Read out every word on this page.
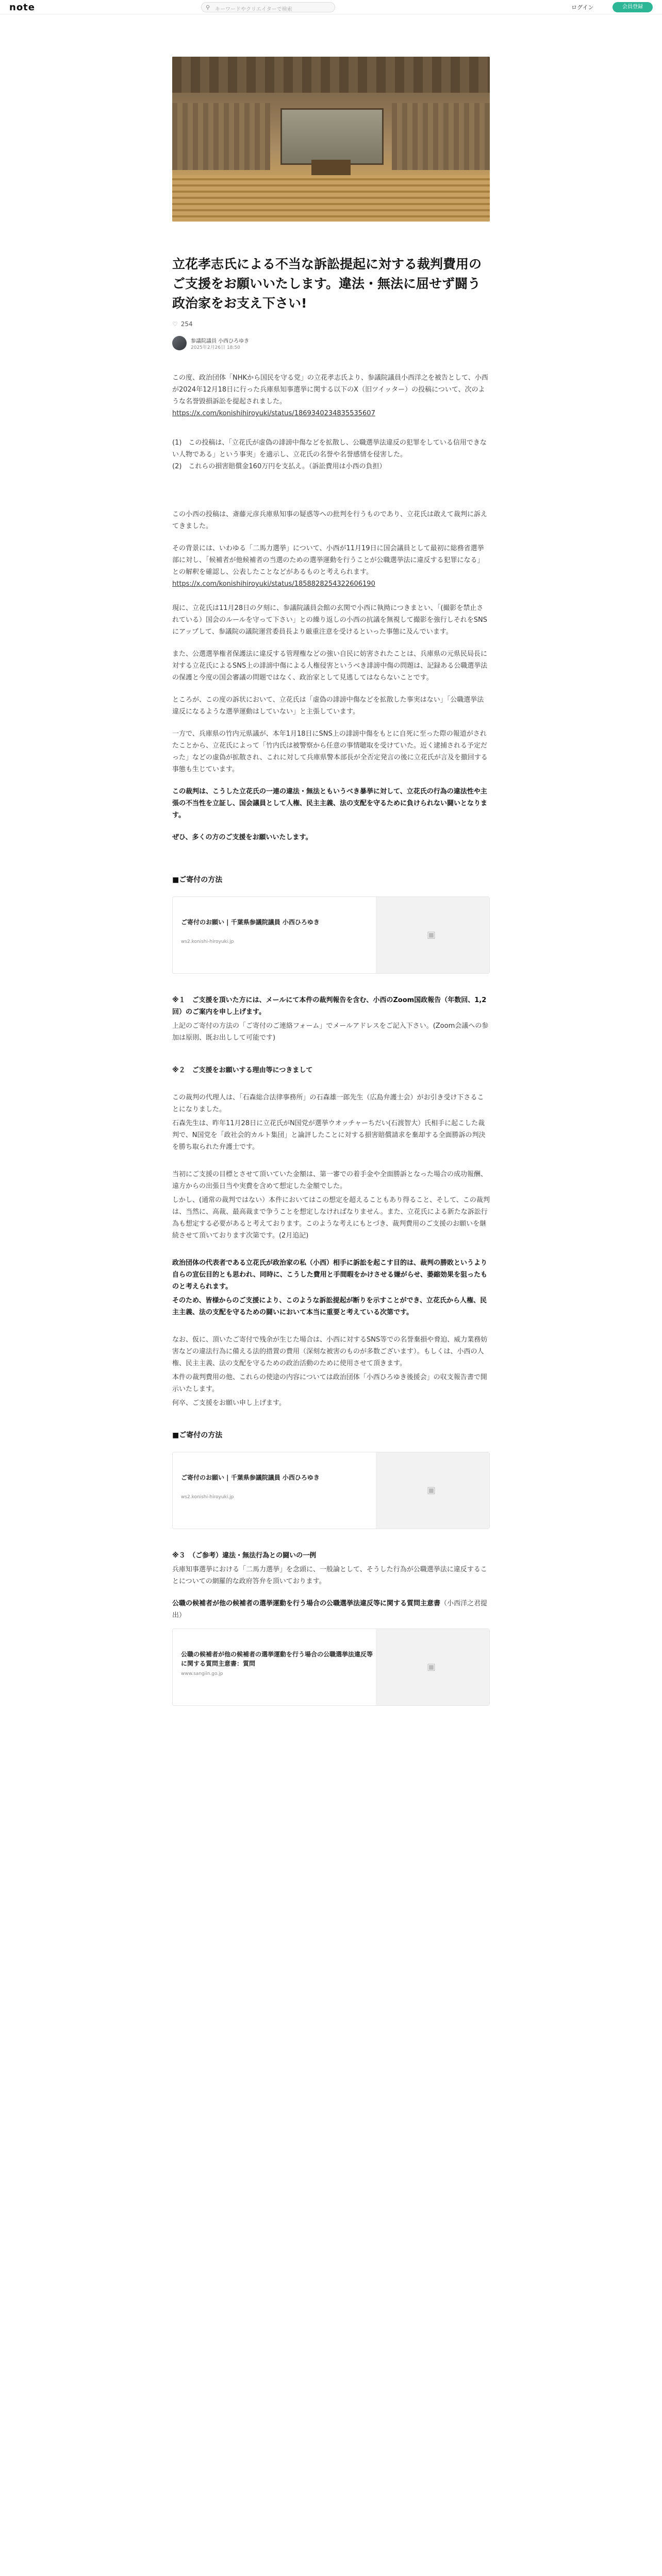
note	⚲ キーワードやクリエイターで検索	ログイン	会員登録
立花孝志氏による不当な訴訟提起に対する裁判費用のご支援をお願いいたします。違法・無法に屈せず闘う政治家をお支え下さい!
♡ 254
参議院議員 小西ひろゆき
2025年2月26日 18:50

この度、政治団体「NHKから国民を守る党」の立花孝志氏より、参議院議員小西洋之を被告として、小西が2024年12月18日に行った兵庫県知事選挙に関する以下のX（旧ツイッター）の投稿について、次のような名誉毀損訴訟を提起されました。

https://x.com/konishihiroyuki/status/1869340234835535607

(1)　この投稿は、「立花氏が虚偽の誹謗中傷などを拡散し、公職選挙法違反の犯罪をしている信用できない人物である」という事実」を適示し、立花氏の名誉や名誉感情を侵害した。
(2)　これらの損害賠償金160万円を支払え。（訴訟費用は小西の負担）

この小西の投稿は、斎藤元彦兵庫県知事の疑惑等への批判を行うものであり、立花氏は敢えて裁判に訴えてきました。

その背景には、いわゆる「二馬力選挙」について、小西が11月19日に国会議員として最初に総務省選挙部に対し、「候補者が他候補者の当選のための選挙運動を行うことが公職選挙法に違反する犯罪になる」との解釈を確認し、公表したことなどがあるものと考えられます。

https://x.com/konishihiroyuki/status/1858828254322606190

現に、立花氏は11月28日の夕刻に、参議院議員会館の玄関で小西に執拗につきまとい、「(撮影を禁止されている）国会のルールを守って下さい」との繰り返しの小西の抗議を無視して撮影を強行しそれをSNSにアップして、参議院の議院運営委員長より厳重注意を受けるといった事態に及んでいます。

また、公選選挙権者保護法に違反する管理権などの強い自民に妨害されたことは、兵庫県の元県民局長に対する立花氏によるSNS上の誹謗中傷による人権侵害というべき誹謗中傷の問題は、記録ある公職選挙法の保護と今度の国会審議の問題ではなく、政治家として見逃してはならないことです。

ところが、この度の訴状において、立花氏は「虚偽の誹謗中傷などを拡散した事実はない」「公職選挙法違反になるような選挙運動はしていない」と主張しています。

一方で、兵庫県の竹内元県議が、本年1月18日にSNS上の誹謗中傷をもとに自死に至った際の報道がされたことから、立花氏によって「竹内氏は被警察から任意の事情聴取を受けていた。近く逮捕される予定だった」などの虚偽が拡散され、これに対して兵庫県警本部長が全否定発言の後に立花氏が言及を撤回する事態も生じています。

この裁判は、こうした立花氏の一連の違法・無法ともいうべき暴挙に対して、立花氏の行為の違法性や主張の不当性を立証し、国会議員として人権、民主主義、法の支配を守るために負けられない闘いとなります。

ぜひ、多くの方のご支援をお願いいたします。

■ご寄付の方法
ご寄付のお願い | 千葉県参議院議員 小西ひろゆき
ws2.konishi-hiroyuki.jp
▣

※１　ご支援を頂いた方には、メールにて本件の裁判報告を含む、小西のZoom国政報告（年数回、1,2回）のご案内を申し上げます。

上記のご寄付の方法の「ご寄付のご連絡フォーム」でメールアドレスをご記入下さい。(Zoom会議への参加は原則、既お出しして可能です)

※２　ご支援をお願いする理由等につきまして

この裁判の代理人は、「石森総合法律事務所」の石森雄一郎先生（広島弁護士会）がお引き受け下さることになりました。

石森先生は、昨年11月28日に立花氏がN国党が選挙ウオッチャーちだい(石渡智大）氏相手に起こした裁判で、N国党を「政社会的カルト集団」と論評したことに対する損害賠償請求を棄却する全面勝訴の判決を勝ち取られた弁護士です。

当初にご支援の目標とさせて頂いていた金額は、第一審での着手金や全面勝訴となった場合の成功報酬、遠方からの出張日当や実費を含めて想定した金額でした。

しかし、(通常の裁判ではない）本件においてはこの想定を超えることもあり得ること、そして、この裁判は、当然に、高裁、最高裁まで争うことを想定しなければなりません。また、立花氏による新たな訴訟行為も想定する必要があると考えております。このような考えにもとづき、裁判費用のご支援のお願いを継続させて頂いております次第です。(2月追記)

政治団体の代表者である立花氏が政治家の私（小西）相手に訴訟を起こす目的は、裁判の勝敗というより自らの宣伝目的とも思われ、同時に、こうした費用と手間暇をかけさせる嫌がらせ、萎縮効果を狙ったものと考えられます。

そのため、皆様からのご支援により、このような訴訟提起が断りを示すことができ、立花氏から人権、民主主義、法の支配を守るための闘いにおいて本当に重要と考えている次第です。

なお、仮に、頂いたご寄付で残余が生じた場合は、小西に対するSNS等での名誉棄損や脅迫、威力業務妨害などの違法行為に備える法的措置の費用（深刻な被害のものが多数ございます）。もしくは、小西の人権、民主主義、法の支配を守るための政治活動のために使用させて頂きます。

本件の裁判費用の他、これらの使途の内容については政治団体「小西ひろゆき後援会」の収支報告書で開示いたします。

何卒、ご支援をお願い申し上げます。

■ご寄付の方法
ご寄付のお願い | 千葉県参議院議員 小西ひろゆき
ws2.konishi-hiroyuki.jp
▣

※３　（ご参考）違法・無法行為との闘いの一例

兵庫知事選挙における「二馬力選挙」を念頭に、一般論として、そうした行為が公職選挙法に違反することについての網羅的な政府答弁を頂いております。

公職の候補者が他の候補者の選挙運動を行う場合の公職選挙法違反等に関する質問主意書（小西洋之君提出）

公職の候補者が他の候補者の選挙運動を行う場合の公職選挙法違反等に関する質問主意書：質問
www.sangiin.go.jp
▣
